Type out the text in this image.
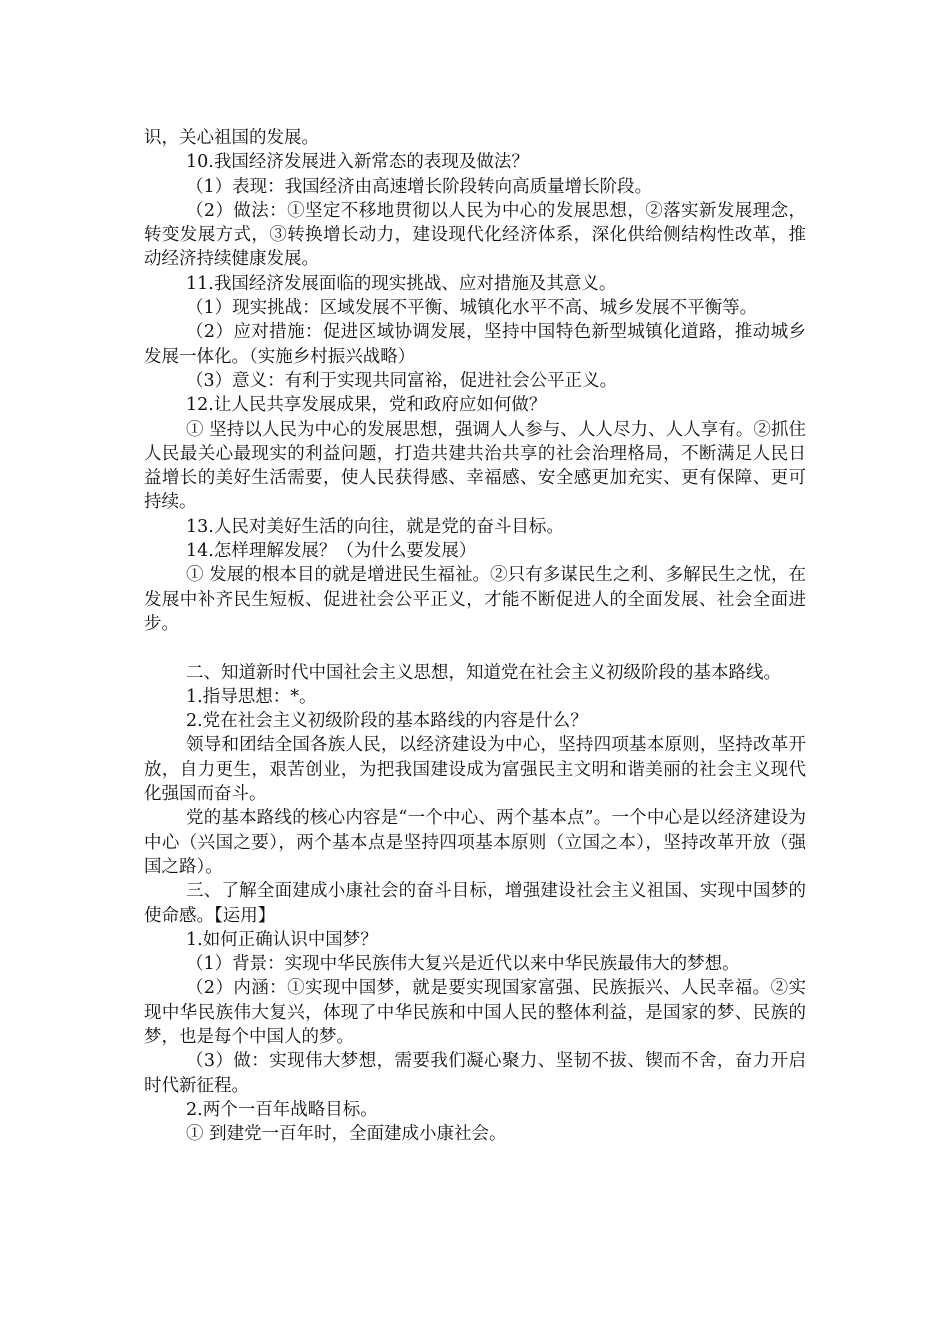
识，关心祖国的发展。

10.我国经济发展进入新常态的表现及做法？

（1）表现：我国经济由高速增长阶段转向高质量增长阶段。

（2）做法：①坚定不移地贯彻以人民为中心的发展思想，②落实新发展理念，转变发展方式，③转换增长动力，建设现代化经济体系，深化供给侧结构性改革，推动经济持续健康发展。

11.我国经济发展面临的现实挑战、应对措施及其意义。

（1）现实挑战：区域发展不平衡、城镇化水平不高、城乡发展不平衡等。

（2）应对措施：促进区域协调发展，坚持中国特色新型城镇化道路，推动城乡发展一体化。（实施乡村振兴战略）

（3）意义：有利于实现共同富裕，促进社会公平正义。

12.让人民共享发展成果，党和政府应如何做？

① 坚持以人民为中心的发展思想，强调人人参与、人人尽力、人人享有。②抓住人民最关心最现实的利益问题，打造共建共治共享的社会治理格局，不断满足人民日益增长的美好生活需要，使人民获得感、幸福感、安全感更加充实、更有保障、更可持续。

13.人民对美好生活的向往，就是党的奋斗目标。

14.怎样理解发展？（为什么要发展）

① 发展的根本目的就是增进民生福祉。②只有多谋民生之利、多解民生之忧，在发展中补齐民生短板、促进社会公平正义，才能不断促进人的全面发展、社会全面进步。

二、知道新时代中国社会主义思想，知道党在社会主义初级阶段的基本路线。

1.指导思想：*。

2.党在社会主义初级阶段的基本路线的内容是什么？

领导和团结全国各族人民，以经济建设为中心，坚持四项基本原则，坚持改革开放，自力更生，艰苦创业，为把我国建设成为富强民主文明和谐美丽的社会主义现代化强国而奋斗。

党的基本路线的核心内容是“一个中心、两个基本点”。一个中心是以经济建设为中心（兴国之要），两个基本点是坚持四项基本原则（立国之本），坚持改革开放（强国之路）。

三、了解全面建成小康社会的奋斗目标，增强建设社会主义祖国、实现中国梦的使命感。【运用】

1.如何正确认识中国梦？

（1）背景：实现中华民族伟大复兴是近代以来中华民族最伟大的梦想。

（2）内涵：①实现中国梦，就是要实现国家富强、民族振兴、人民幸福。②实现中华民族伟大复兴，体现了中华民族和中国人民的整体利益，是国家的梦、民族的梦，也是每个中国人的梦。

（3）做：实现伟大梦想，需要我们凝心聚力、坚韧不拔、锲而不舍，奋力开启时代新征程。

2.两个一百年战略目标。

① 到建党一百年时，全面建成小康社会。
